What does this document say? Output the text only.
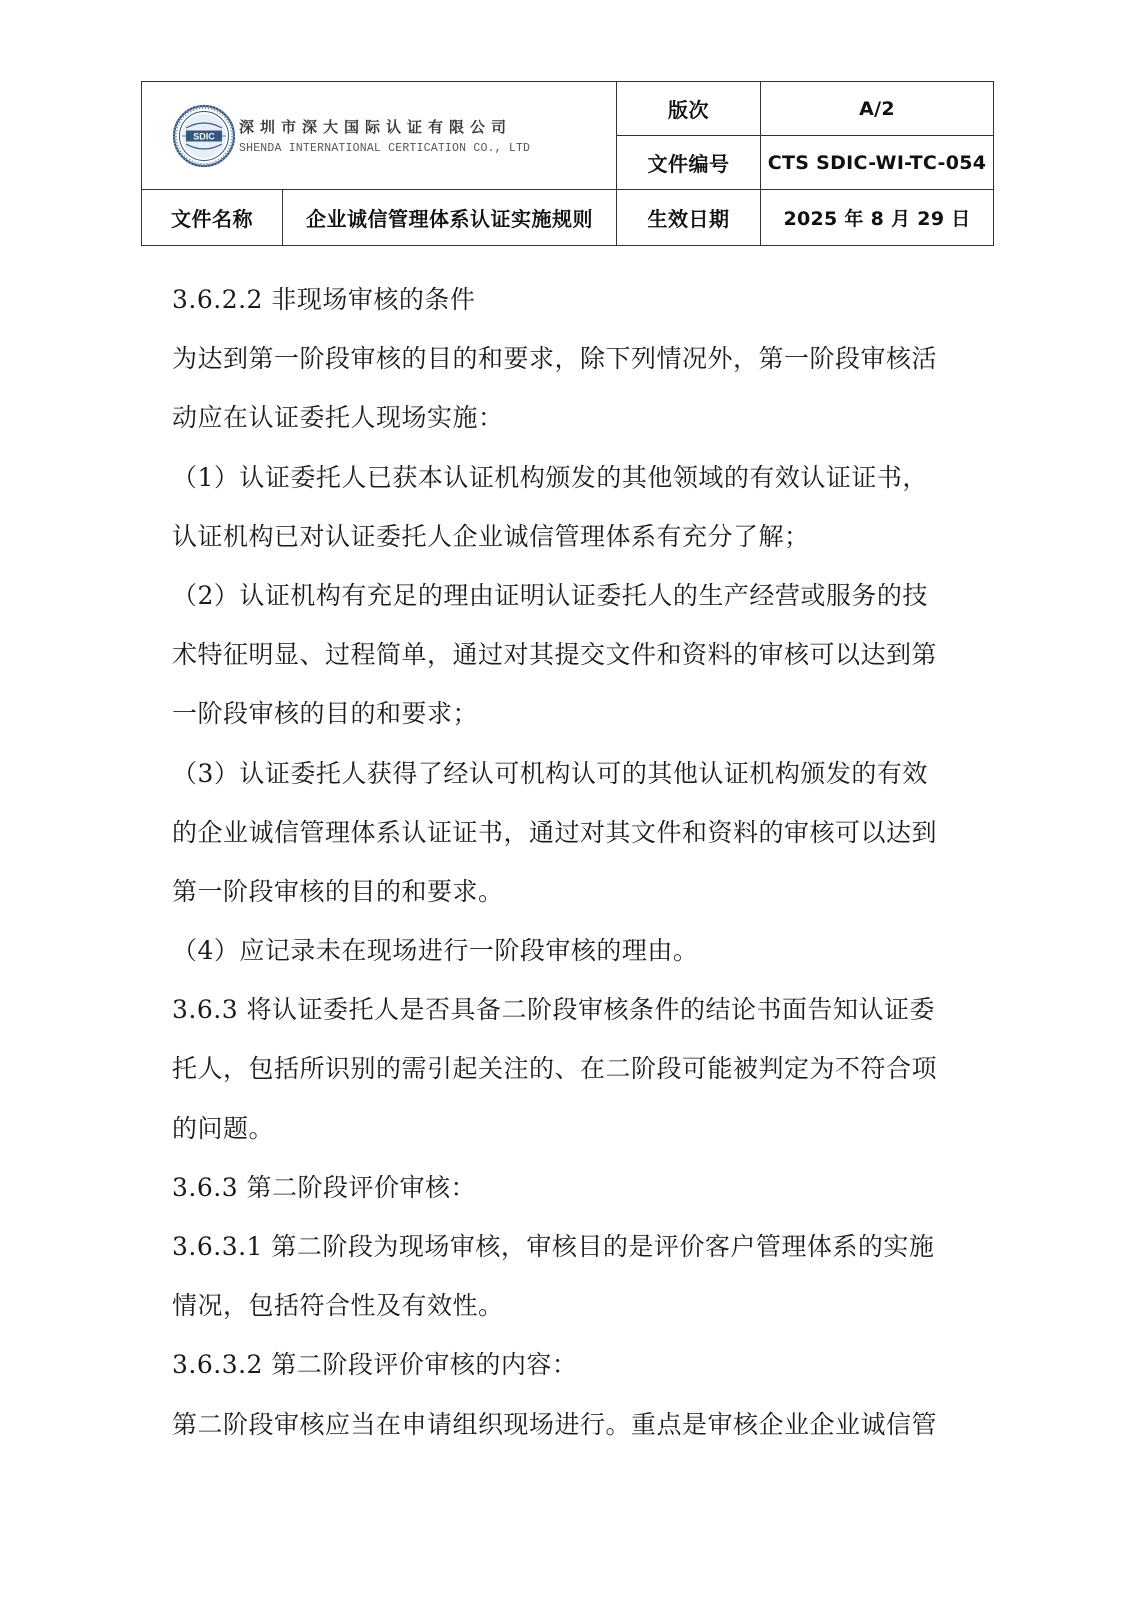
SDIC
深圳市深大国际认证有限公司
SHENDA INTERNATIONAL CERTICATION CO., LTD		版次	A/2
		文件编号	CTS SDIC-WI-TC-054
文件名称	企业诚信管理体系认证实施规则	生效日期	2025 年 8 月 29 日
3.6.2.2 非现场审核的条件
为达到第一阶段审核的目的和要求，除下列情况外，第一阶段审核活
动应在认证委托人现场实施：
（1）认证委托人已获本认证机构颁发的其他领域的有效认证证书，
认证机构已对认证委托人企业诚信管理体系有充分了解；
（2）认证机构有充足的理由证明认证委托人的生产经营或服务的技
术特征明显、过程简单，通过对其提交文件和资料的审核可以达到第
一阶段审核的目的和要求；
（3）认证委托人获得了经认可机构认可的其他认证机构颁发的有效
的企业诚信管理体系认证证书，通过对其文件和资料的审核可以达到
第一阶段审核的目的和要求。
（4）应记录未在现场进行一阶段审核的理由。
3.6.3 将认证委托人是否具备二阶段审核条件的结论书面告知认证委
托人，包括所识别的需引起关注的、在二阶段可能被判定为不符合项
的问题。
3.6.3 第二阶段评价审核：
3.6.3.1 第二阶段为现场审核，审核目的是评价客户管理体系的实施
情况，包括符合性及有效性。
3.6.3.2 第二阶段评价审核的内容：
第二阶段审核应当在申请组织现场进行。重点是审核企业企业诚信管
